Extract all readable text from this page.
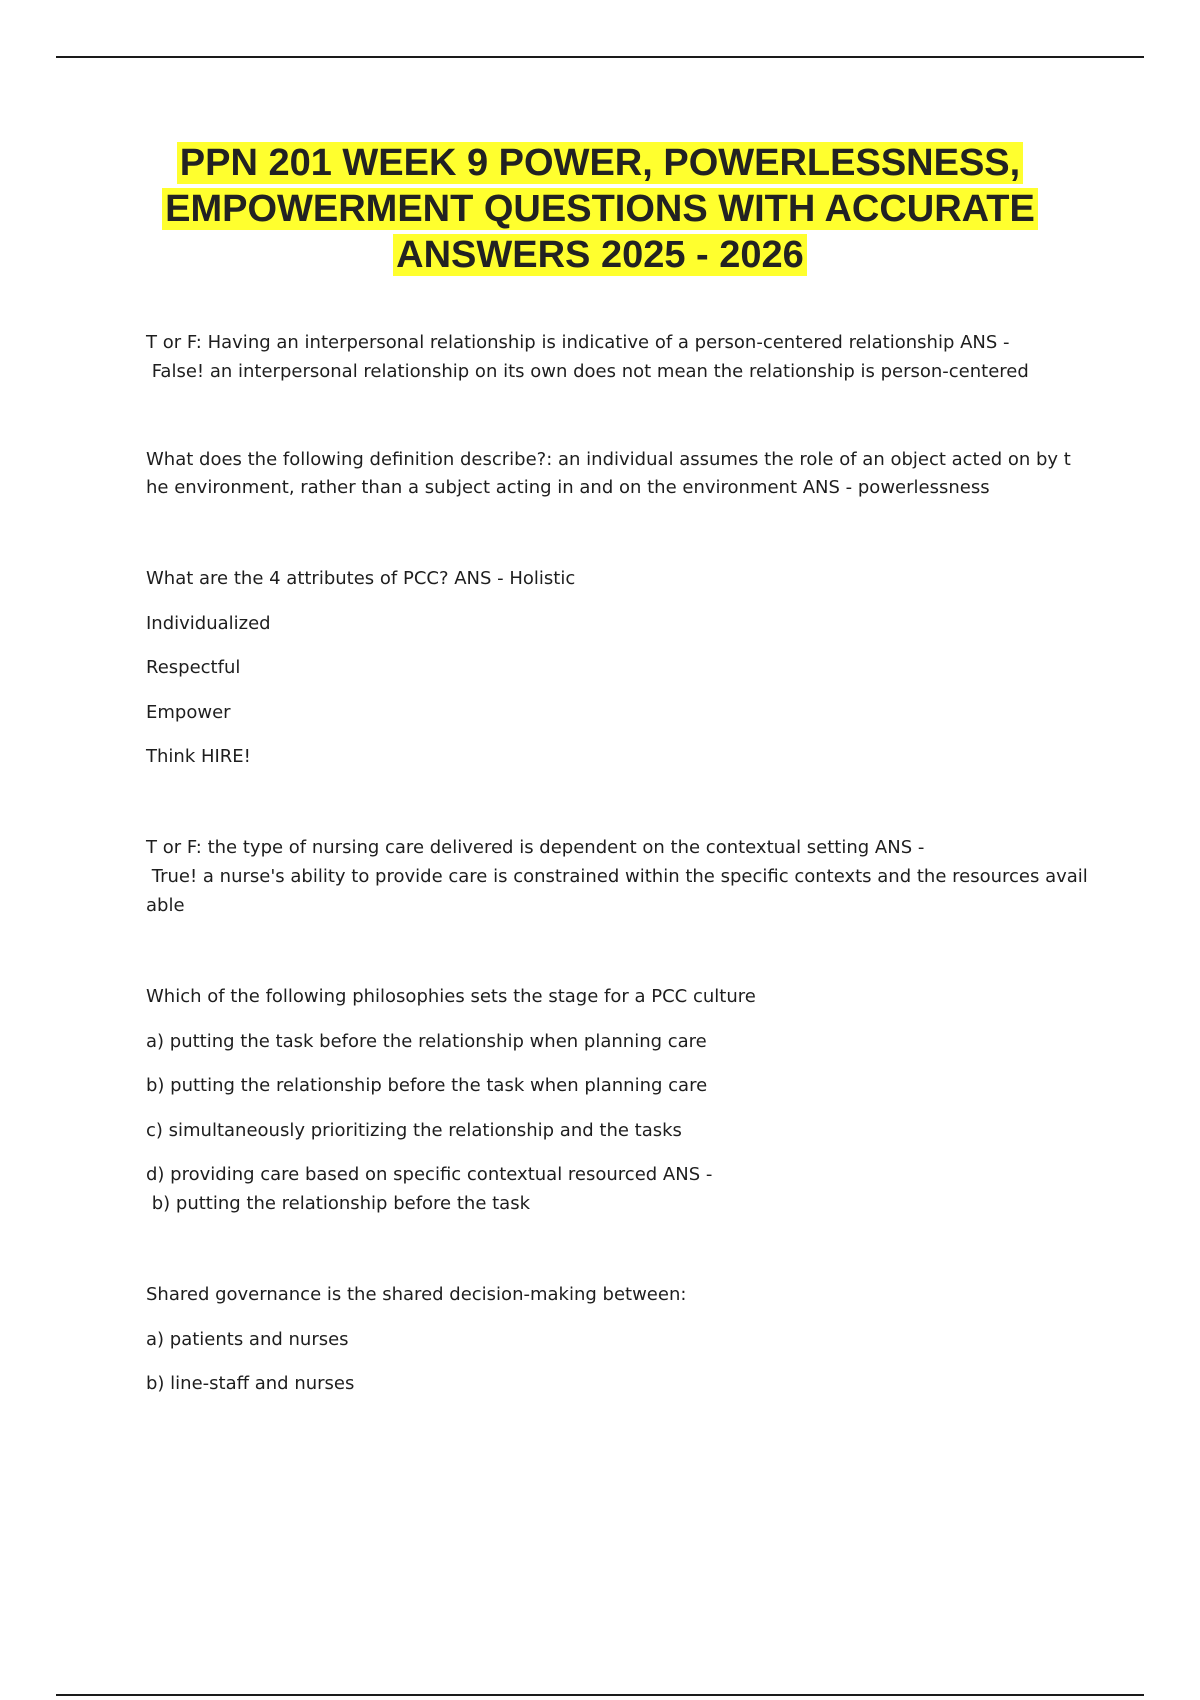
PPN 201 WEEK 9 POWER, POWERLESSNESS,
EMPOWERMENT QUESTIONS WITH ACCURATE
ANSWERS 2025 - 2026

T or F: Having an interpersonal relationship is indicative of a person-centered relationship ANS -

False! an interpersonal relationship on its own does not mean the relationship is person-centered

What does the following definition describe?: an individual assumes the role of an object acted on by t

he environment, rather than a subject acting in and on the environment ANS - powerlessness

What are the 4 attributes of PCC? ANS - Holistic

Individualized

Respectful

Empower

Think HIRE!

T or F: the type of nursing care delivered is dependent on the contextual setting ANS -

True! a nurse's ability to provide care is constrained within the specific contexts and the resources avail

able

Which of the following philosophies sets the stage for a PCC culture

a) putting the task before the relationship when planning care

b) putting the relationship before the task when planning care

c) simultaneously prioritizing the relationship and the tasks

d) providing care based on specific contextual resourced ANS -

b) putting the relationship before the task

Shared governance is the shared decision-making between:

a) patients and nurses

b) line-staff and nurses
